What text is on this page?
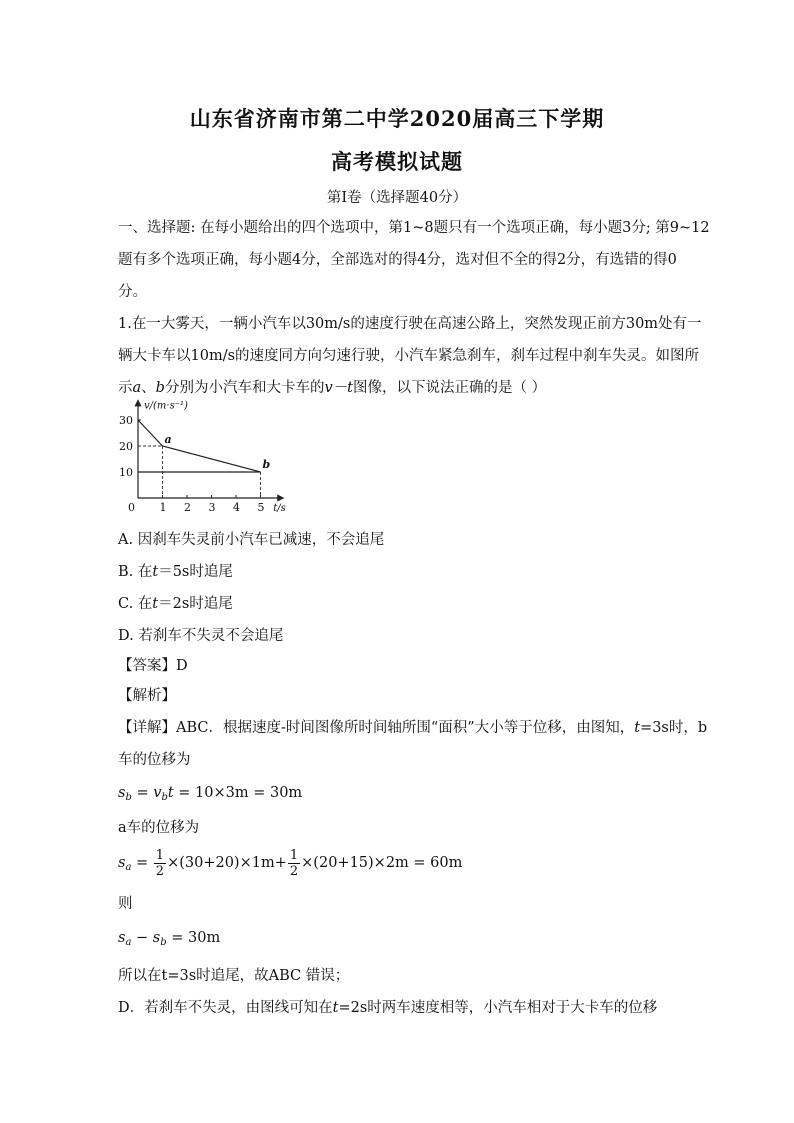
山东省济南市第二中学2020届高三下学期
高考模拟试题
第Ⅰ卷（选择题40分）
一、选择题: 在每小题给出的四个选项中，第1~8题只有一个选项正确，每小题3分; 第9~12
题有多个选项正确，每小题4分，全部选对的得4分，选对但不全的得2分，有选错的得0
分。
1.在一大雾天，一辆小汽车以30m/s的速度行驶在高速公路上，突然发现正前方30m处有一
辆大卡车以10m/s的速度同方向匀速行驶，小汽车紧急刹车，刹车过程中刹车失灵。如图所
示a、b分别为小汽车和大卡车的v－t图像，以下说法正确的是（ ）
v/(m·s⁻¹)
t/s
0 1 2 3 4 5
10
20
30
a
b
A. 因刹车失灵前小汽车已减速，不会追尾
B. 在t＝5s时追尾
C. 在t＝2s时追尾
D. 若刹车不失灵不会追尾
【答案】D
【解析】
【详解】ABC．根据速度-时间图像所时间轴所围“面积”大小等于位移，由图知，t=3s时，b
车的位移为
$s_b = v_bt = 10\times 3m = 30m$
a车的位移为
$s_a = \frac{1}{2} \times(30+20)\times 1m+ \frac{1}{2} \times(20+15)\times 2m = 60m$
则
$s_a - s_b = 30m$
所以在t=3s时追尾，故ABC 错误；
D．若刹车不失灵，由图线可知在t=2s时两车速度相等，小汽车相对于大卡车的位移
